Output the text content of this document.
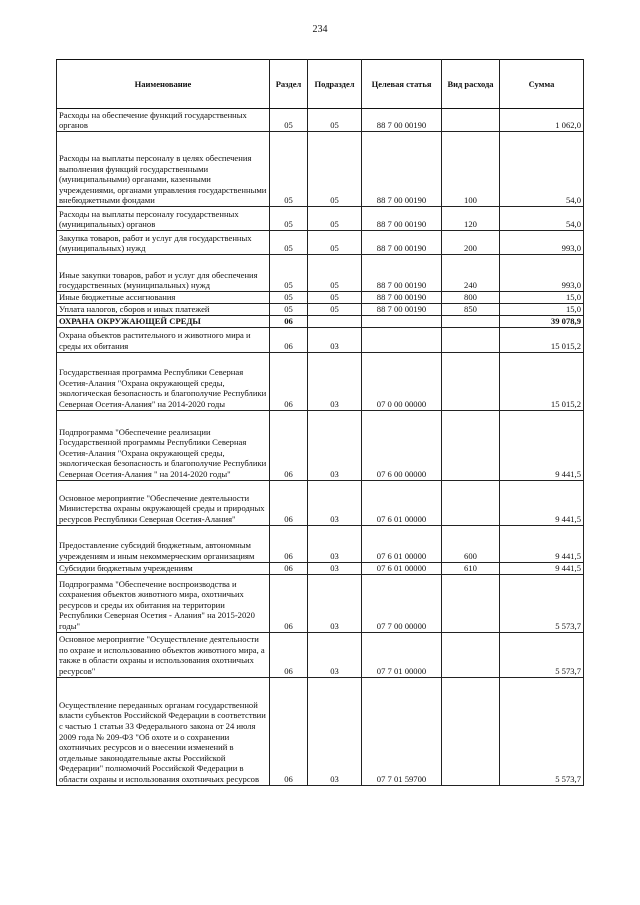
234
Наименование	Раздел	Подраздел	Целевая статья	Вид расхода	Сумма
Расходы на обеспечение функций государственных органов	05	05	88 7 00 00190		1 062,0
Расходы на выплаты персоналу в целях обеспечения выполнения функций государственными (муниципальными) органами, казенными учреждениями, органами управления государственными внебюджетными фондами	05	05	88 7 00 00190	100	54,0
Расходы на выплаты персоналу государственных (муниципальных) органов	05	05	88 7 00 00190	120	54,0
Закупка товаров, работ и услуг для государственных (муниципальных) нужд	05	05	88 7 00 00190	200	993,0
Иные закупки товаров, работ и услуг для обеспечения государственных (муниципальных) нужд	05	05	88 7 00 00190	240	993,0
Иные бюджетные ассигнования	05	05	88 7 00 00190	800	15,0
Уплата налогов, сборов и иных платежей	05	05	88 7 00 00190	850	15,0
ОХРАНА ОКРУЖАЮЩЕЙ СРЕДЫ	06				39 078,9
Охрана объектов растительного и животного мира и среды их обитания	06	03			15 015,2
Государственная программа Республики Северная Осетия-Алания "Охрана окружающей среды, экологическая безопасность и благополучие Республики Северная Осетия-Алания" на 2014-2020 годы	06	03	07 0 00 00000		15 015,2
Подпрограмма "Обеспечение реализации Государственной программы Республики Северная Осетия-Алания "Охрана окружающей среды, экологическая безопасность и благополучие Республики Северная Осетия-Алания " на 2014-2020 годы"	06	03	07 6 00 00000		9 441,5
Основное мероприятие "Обеспечение деятельности Министерства охраны окружающей среды и природных ресурсов Республики Северная Осетия-Алания"	06	03	07 6 01 00000		9 441,5
Предоставление субсидий бюджетным, автономным учреждениям и иным некоммерческим организациям	06	03	07 6 01 00000	600	9 441,5
Субсидии бюджетным учреждениям	06	03	07 6 01 00000	610	9 441,5
Подпрограмма "Обеспечение воспроизводства и сохранения объектов животного мира, охотничьих ресурсов и среды их обитания на территории Республики Северная Осетия - Алания" на 2015-2020 годы"	06	03	07 7 00 00000		5 573,7
Основное мероприятие "Осуществление деятельности по охране и использованию объектов животного мира, а также в области охраны и использования охотничьих ресурсов"	06	03	07 7 01 00000		5 573,7
Осуществление переданных органам государственной власти субъектов Российской Федерации в соответствии с частью 1 статьи 33 Федерального закона от 24 июля 2009 года № 209-ФЗ "Об охоте и о сохранении охотничьих ресурсов и о внесении изменений в отдельные законодательные акты Российской Федерации" полномочий Российской Федерации в области охраны и использования охотничьих ресурсов	06	03	07 7 01 59700		5 573,7
